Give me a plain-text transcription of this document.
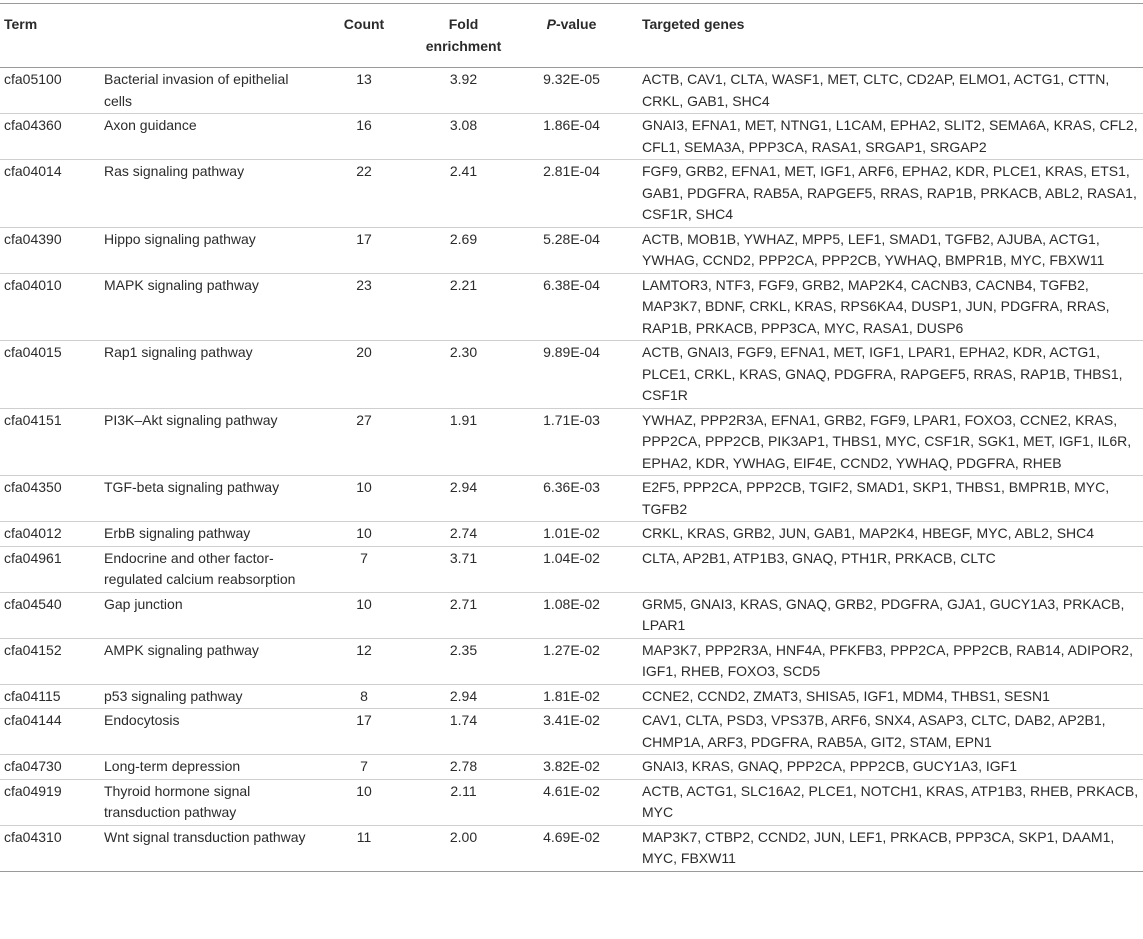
Term		Count	Fold enrichment	P-value	Targeted genes
cfa05100	Bacterial invasion of epithelial cells	13	3.92	9.32E-05	ACTB, CAV1, CLTA, WASF1, MET, CLTC, CD2AP, ELMO1, ACTG1, CTTN, CRKL, GAB1, SHC4
cfa04360	Axon guidance	16	3.08	1.86E-04	GNAI3, EFNA1, MET, NTNG1, L1CAM, EPHA2, SLIT2, SEMA6A, KRAS, CFL2, CFL1, SEMA3A, PPP3CA, RASA1, SRGAP1, SRGAP2
cfa04014	Ras signaling pathway	22	2.41	2.81E-04	FGF9, GRB2, EFNA1, MET, IGF1, ARF6, EPHA2, KDR, PLCE1, KRAS, ETS1, GAB1, PDGFRA, RAB5A, RAPGEF5, RRAS, RAP1B, PRKACB, ABL2, RASA1, CSF1R, SHC4
cfa04390	Hippo signaling pathway	17	2.69	5.28E-04	ACTB, MOB1B, YWHAZ, MPP5, LEF1, SMAD1, TGFB2, AJUBA, ACTG1, YWHAG, CCND2, PPP2CA, PPP2CB, YWHAQ, BMPR1B, MYC, FBXW11
cfa04010	MAPK signaling pathway	23	2.21	6.38E-04	LAMTOR3, NTF3, FGF9, GRB2, MAP2K4, CACNB3, CACNB4, TGFB2, MAP3K7, BDNF, CRKL, KRAS, RPS6KA4, DUSP1, JUN, PDGFRA, RRAS, RAP1B, PRKACB, PPP3CA, MYC, RASA1, DUSP6
cfa04015	Rap1 signaling pathway	20	2.30	9.89E-04	ACTB, GNAI3, FGF9, EFNA1, MET, IGF1, LPAR1, EPHA2, KDR, ACTG1, PLCE1, CRKL, KRAS, GNAQ, PDGFRA, RAPGEF5, RRAS, RAP1B, THBS1, CSF1R
cfa04151	PI3K–Akt signaling pathway	27	1.91	1.71E-03	YWHAZ, PPP2R3A, EFNA1, GRB2, FGF9, LPAR1, FOXO3, CCNE2, KRAS, PPP2CA, PPP2CB, PIK3AP1, THBS1, MYC, CSF1R, SGK1, MET, IGF1, IL6R, EPHA2, KDR, YWHAG, EIF4E, CCND2, YWHAQ, PDGFRA, RHEB
cfa04350	TGF-beta signaling pathway	10	2.94	6.36E-03	E2F5, PPP2CA, PPP2CB, TGIF2, SMAD1, SKP1, THBS1, BMPR1B, MYC, TGFB2
cfa04012	ErbB signaling pathway	10	2.74	1.01E-02	CRKL, KRAS, GRB2, JUN, GAB1, MAP2K4, HBEGF, MYC, ABL2, SHC4
cfa04961	Endocrine and other factor-regulated calcium reabsorption	7	3.71	1.04E-02	CLTA, AP2B1, ATP1B3, GNAQ, PTH1R, PRKACB, CLTC
cfa04540	Gap junction	10	2.71	1.08E-02	GRM5, GNAI3, KRAS, GNAQ, GRB2, PDGFRA, GJA1, GUCY1A3, PRKACB, LPAR1
cfa04152	AMPK signaling pathway	12	2.35	1.27E-02	MAP3K7, PPP2R3A, HNF4A, PFKFB3, PPP2CA, PPP2CB, RAB14, ADIPOR2, IGF1, RHEB, FOXO3, SCD5
cfa04115	p53 signaling pathway	8	2.94	1.81E-02	CCNE2, CCND2, ZMAT3, SHISA5, IGF1, MDM4, THBS1, SESN1
cfa04144	Endocytosis	17	1.74	3.41E-02	CAV1, CLTA, PSD3, VPS37B, ARF6, SNX4, ASAP3, CLTC, DAB2, AP2B1, CHMP1A, ARF3, PDGFRA, RAB5A, GIT2, STAM, EPN1
cfa04730	Long-term depression	7	2.78	3.82E-02	GNAI3, KRAS, GNAQ, PPP2CA, PPP2CB, GUCY1A3, IGF1
cfa04919	Thyroid hormone signal transduction pathway	10	2.11	4.61E-02	ACTB, ACTG1, SLC16A2, PLCE1, NOTCH1, KRAS, ATP1B3, RHEB, PRKACB, MYC
cfa04310	Wnt signal transduction pathway	11	2.00	4.69E-02	MAP3K7, CTBP2, CCND2, JUN, LEF1, PRKACB, PPP3CA, SKP1, DAAM1, MYC, FBXW11
